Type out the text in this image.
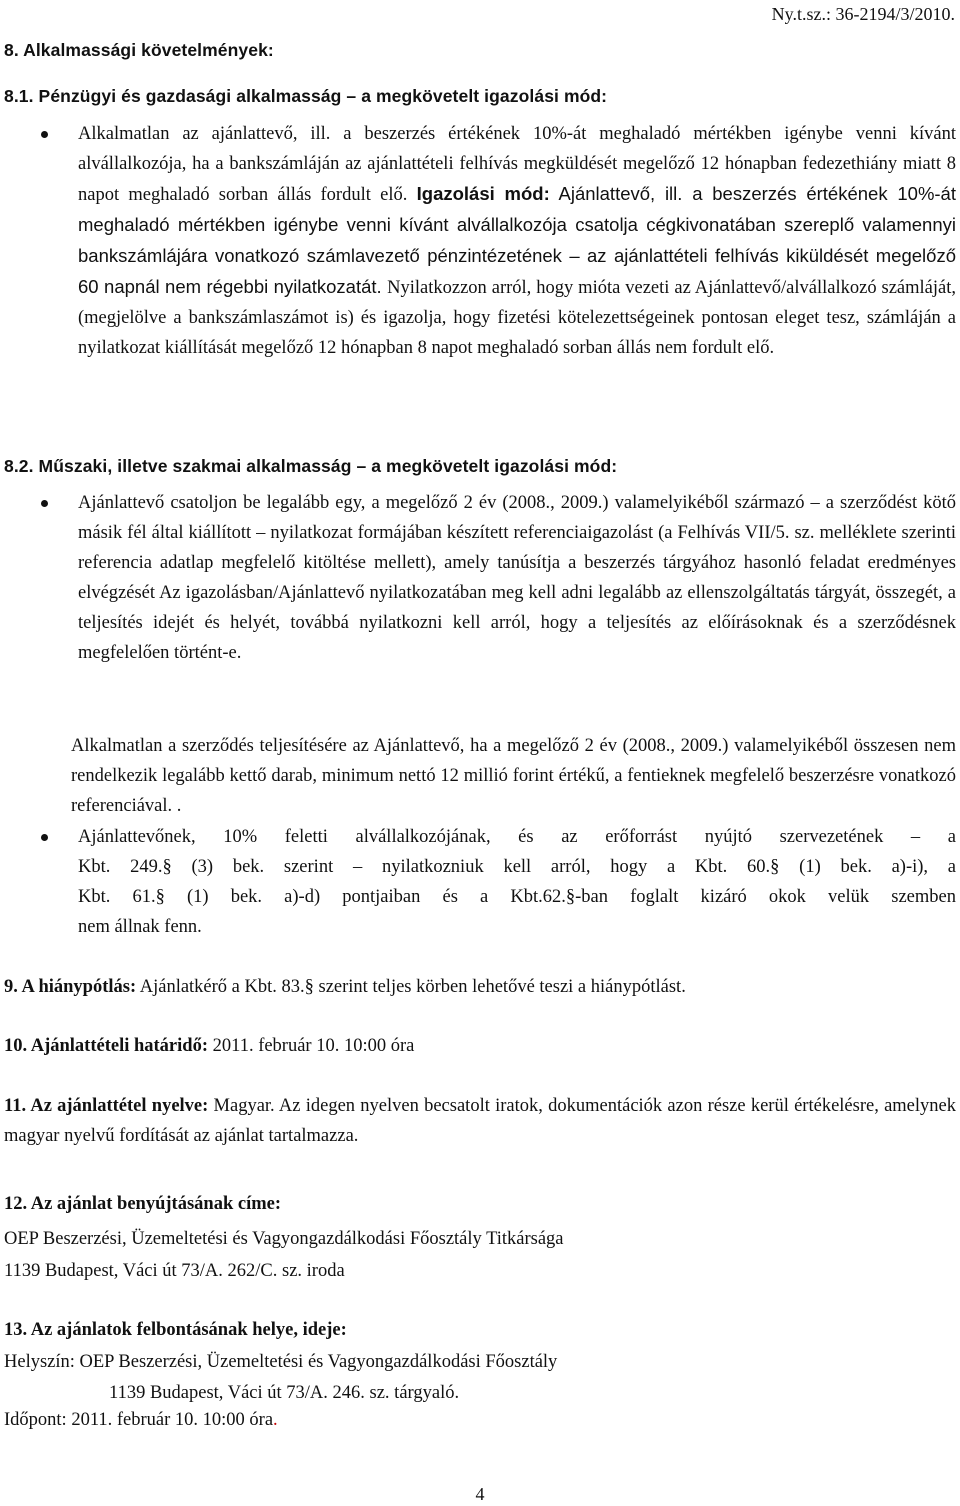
Ny.t.sz.: 36-2194/3/2010.
8. Alkalmassági követelmények:
8.1. Pénzügyi és gazdasági alkalmasság – a megkövetelt igazolási mód:
Alkalmatlan az ajánlattevő, ill. a beszerzés értékének 10%-át meghaladó mértékben igénybe venni kívánt alvállalkozója, ha a bankszámláján az ajánlattételi felhívás megküldését megelőző 12 hónapban fedezethiány miatt 8 napot meghaladó sorban állás fordult elő. Igazolási mód: Ajánlattevő, ill. a beszerzés értékének 10%-át meghaladó mértékben igénybe venni kívánt alvállalkozója csatolja cégkivonatában szereplő valamennyi bankszámlájára vonatkozó számlavezető pénzintézetének – az ajánlattételi felhívás kiküldését megelőző 60 napnál nem régebbi nyilatkozatát. Nyilatkozzon arról, hogy mióta vezeti az Ajánlattevő/alvállalkozó számláját, (megjelölve a bankszámlaszámot is) és igazolja, hogy fizetési kötelezettségeinek pontosan eleget tesz, számláján a nyilatkozat kiállítását megelőző 12 hónapban 8 napot meghaladó sorban állás nem fordult elő.
8.2. Műszaki, illetve szakmai alkalmasság – a megkövetelt igazolási mód:
Ajánlattevő csatoljon be legalább egy, a megelőző 2 év (2008., 2009.) valamelyikéből származó – a szerződést kötő másik fél által kiállított – nyilatkozat formájában készített referenciaigazolást (a Felhívás VII/5. sz. melléklete szerinti referencia adatlap megfelelő kitöltése mellett), amely tanúsítja a beszerzés tárgyához hasonló feladat eredményes elvégzését Az igazolásban/Ajánlattevő nyilatkozatában meg kell adni legalább az ellenszolgáltatás tárgyát, összegét, a teljesítés idejét és helyét, továbbá nyilatkozni kell arról, hogy a teljesítés az előírásoknak és a szerződésnek megfelelően történt-e.
Alkalmatlan a szerződés teljesítésére az Ajánlattevő, ha a megelőző 2 év (2008., 2009.) valamelyikéből összesen nem rendelkezik legalább kettő darab, minimum nettó 12 millió forint értékű, a fentieknek megfelelő beszerzésre vonatkozó referenciával. .
Ajánlattevőnek, 10% feletti alvállalkozójának, és az erőforrást nyújtó szervezetének – a
Kbt. 249.§ (3) bek. szerint – nyilatkozniuk kell arról, hogy a Kbt. 60.§ (1) bek. a)-i), a
Kbt. 61.§ (1) bek. a)-d) pontjaiban és a Kbt.62.§-ban foglalt kizáró okok velük szemben
nem állnak fenn.
9. A hiánypótlás: Ajánlatkérő a Kbt. 83.§ szerint teljes körben lehetővé teszi a hiánypótlást.
10. Ajánlattételi határidő: 2011. február 10. 10:00 óra
11. Az ajánlattétel nyelve: Magyar. Az idegen nyelven becsatolt iratok, dokumentációk azon része kerül értékelésre, amelynek magyar nyelvű fordítását az ajánlat tartalmazza.
12. Az ajánlat benyújtásának címe:
OEP Beszerzési, Üzemeltetési és Vagyongazdálkodási Főosztály Titkársága
1139 Budapest, Váci út 73/A. 262/C. sz. iroda
13. Az ajánlatok felbontásának helye, ideje:
Helyszín: OEP Beszerzési, Üzemeltetési és Vagyongazdálkodási Főosztály
1139 Budapest, Váci út 73/A. 246. sz. tárgyaló.
Időpont: 2011. február 10. 10:00 óra.
4
